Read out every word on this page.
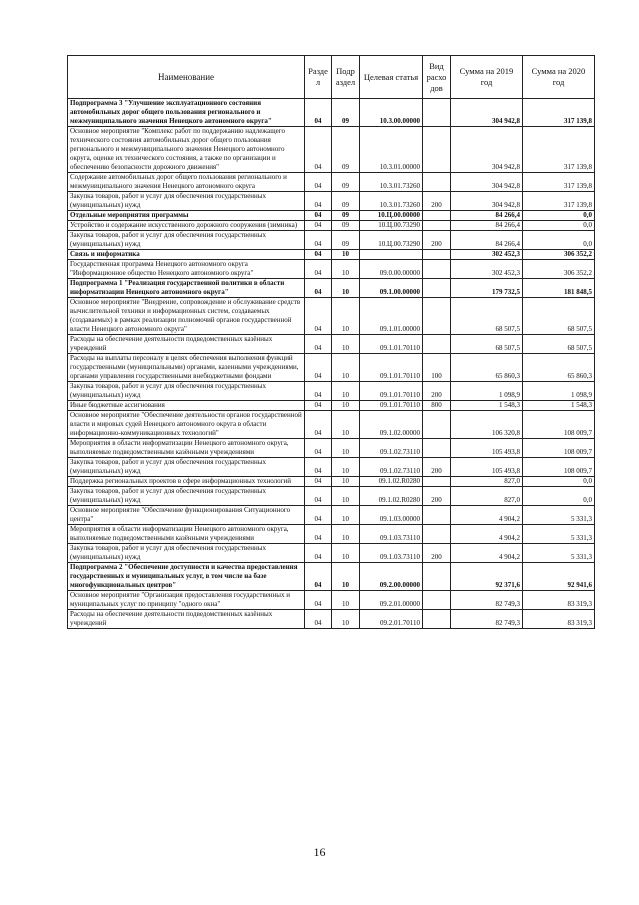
Наименование	Разде л	Подр аздел	Целевая статья	Вид расхо дов	Сумма на 2019 год	Сумма на 2020 год
Подпрограмма 3 "Улучшение эксплуатационного состояния автомобильных дорог общего пользования регионального и межмуниципального значения Ненецкого автономного округа"	04	09	10.3.00.00000		304 942,8	317 139,8
Основное мероприятие "Комплекс работ по поддержанию надлежащего технического состояния автомобильных дорог общего пользования регионального и межмуниципального значения Ненецкого автономного округа, оценке их технического состояния, а также по организации и обеспечению безопасности дорожного движения"	04	09	10.3.01.00000		304 942,8	317 139,8
Содержание автомобильных дорог общего пользования регионального и межмуниципального значения Ненецкого автономного округа	04	09	10.3.01.73260		304 942,8	317 139,8
Закупка товаров, работ и услуг для обеспечения государственных (муниципальных) нужд	04	09	10.3.01.73260	200	304 942,8	317 139,8
Отдельные мероприятия программы	04	09	10.Ц.00.00000		84 266,4	0,0
Устройство и содержание искусственного дорожного сооружения (зимника)	04	09	10.Ц.00.73290		84 266,4	0,0
Закупка товаров, работ и услуг для обеспечения государственных (муниципальных) нужд	04	09	10.Ц.00.73290	200	84 266,4	0,0
Связь и информатика	04	10			302 452,3	306 352,2
Государственная программа Ненецкого автономного округа "Информационное общество Ненецкого автономного округа"	04	10	09.0.00.00000		302 452,3	306 352,2
Подпрограмма 1 "Реализация государственной политики в области информатизации Ненецкого автономного округа"	04	10	09.1.00.00000		179 732,5	181 848,5
Основное мероприятие "Внедрение, сопровождение и обслуживание средств вычислительной техники и информационных систем, создаваемых (создаваемых) в рамках реализации полномочий органов государственной власти Ненецкого автономного округа"	04	10	09.1.01.00000		68 507,5	68 507,5
Расходы на обеспечение деятельности подведомственных казённых учреждений	04	10	09.1.01.70110		68 507,5	68 507,5
Расходы на выплаты персоналу в целях обеспечения выполнения функций государственными (муниципальными) органами, казенными учреждениями, органами управления государственными внебюджетными фондами	04	10	09.1.01.70110	100	65 860,3	65 860,3
Закупка товаров, работ и услуг для обеспечения государственных (муниципальных) нужд	04	10	09.1.01.70110	200	1 098,9	1 098,9
Иные бюджетные ассигнования	04	10	09.1.01.70110	800	1 548,3	1 548,3
Основное мероприятие "Обеспечение деятельности органов государственной власти и мировых судей Ненецкого автономного округа в области информационно-коммуникационных технологий"	04	10	09.1.02.00000		106 320,8	108 009,7
Мероприятия в области информатизации Ненецкого автономного округа, выполняемые подведомственными казёнными учреждениями	04	10	09.1.02.73110		105 493,8	108 009,7
Закупка товаров, работ и услуг для обеспечения государственных (муниципальных) нужд	04	10	09.1.02.73110	200	105 493,8	108 009,7
Поддержка региональных проектов в сфере информационных технологий	04	10	09.1.02.R0280		827,0	0,0
Закупка товаров, работ и услуг для обеспечения государственных (муниципальных) нужд	04	10	09.1.02.R0280	200	827,0	0,0
Основное мероприятие "Обеспечение функционирования Ситуационного центра"	04	10	09.1.03.00000		4 904,2	5 331,3
Мероприятия в области информатизации Ненецкого автономного округа, выполняемые подведомственными казёнными учреждениями	04	10	09.1.03.73110		4 904,2	5 331,3
Закупка товаров, работ и услуг для обеспечения государственных (муниципальных) нужд	04	10	09.1.03.73110	200	4 904,2	5 331,3
Подпрограмма 2 "Обеспечение доступности и качества предоставления государственных и муниципальных услуг, в том числе на базе многофункциональных центров"	04	10	09.2.00.00000		92 371,6	92 941,6
Основное мероприятие "Организация предоставления государственных и муниципальных услуг по принципу "одного окна"	04	10	09.2.01.00000		82 749,3	83 319,3
Расходы на обеспечение деятельности подведомственных казённых учреждений	04	10	09.2.01.70110		82 749,3	83 319,3
16
